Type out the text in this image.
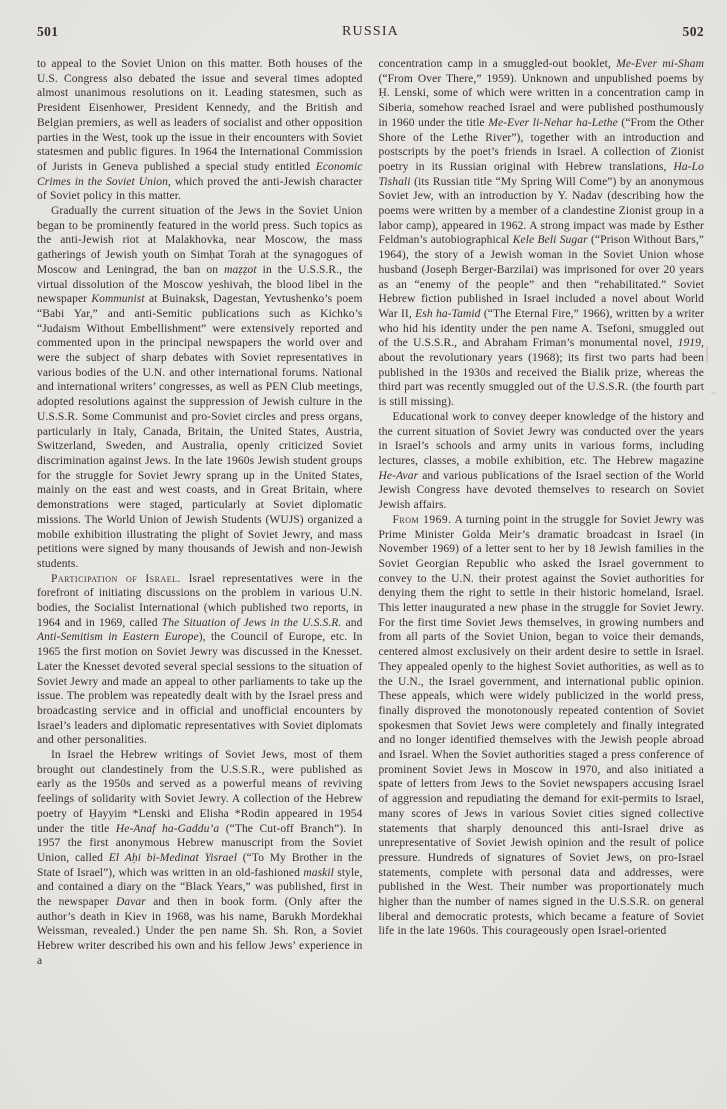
501	RUSSIA	502

to appeal to the Soviet Union on this matter. Both houses of the U.S. Congress also debated the issue and several times adopted almost unanimous resolutions on it. Leading statesmen, such as President Eisenhower, President Kennedy, and the British and Belgian premiers, as well as leaders of socialist and other opposition parties in the West, took up the issue in their encounters with Soviet statesmen and public figures. In 1964 the International Commission of Jurists in Geneva published a special study entitled Economic Crimes in the Soviet Union, which proved the anti-Jewish character of Soviet policy in this matter.

Gradually the current situation of the Jews in the Soviet Union began to be prominently featured in the world press. Such topics as the anti-Jewish riot at Malakhovka, near Moscow, the mass gatherings of Jewish youth on Simḥat Torah at the synagogues of Moscow and Leningrad, the ban on maẓẓot in the U.S.S.R., the virtual dissolution of the Moscow yeshivah, the blood libel in the newspaper Kommunist at Buinaksk, Dagestan, Yevtushenko’s poem “Babi Yar,” and anti-Semitic publications such as Kichko’s “Judaism Without Embellishment” were extensively reported and commented upon in the principal newspapers the world over and were the subject of sharp debates with Soviet representatives in various bodies of the U.N. and other international forums. National and international writers’ congresses, as well as PEN Club meetings, adopted resolutions against the suppression of Jewish culture in the U.S.S.R. Some Communist and pro-Soviet circles and press organs, particularly in Italy, Canada, Britain, the United States, Austria, Switzerland, Sweden, and Australia, openly criticized Soviet discrimination against Jews. In the late 1960s Jewish student groups for the struggle for Soviet Jewry sprang up in the United States, mainly on the east and west coasts, and in Great Britain, where demonstrations were staged, particularly at Soviet diplomatic missions. The World Union of Jewish Students (WUJS) organized a mobile exhibition illustrating the plight of Soviet Jewry, and mass petitions were signed by many thousands of Jewish and non-Jewish students.

Participation of Israel. Israel representatives were in the forefront of initiating discussions on the problem in various U.N. bodies, the Socialist International (which published two reports, in 1964 and in 1969, called The Situation of Jews in the U.S.S.R. and Anti-Semitism in Eastern Europe), the Council of Europe, etc. In 1965 the first motion on Soviet Jewry was discussed in the Knesset. Later the Knesset devoted several special sessions to the situation of Soviet Jewry and made an appeal to other parliaments to take up the issue. The problem was repeatedly dealt with by the Israel press and broadcasting service and in official and unofficial encounters by Israel’s leaders and diplomatic representatives with Soviet diplomats and other personalities.

In Israel the Hebrew writings of Soviet Jews, most of them brought out clandestinely from the U.S.S.R., were published as early as the 1950s and served as a powerful means of reviving feelings of solidarity with Soviet Jewry. A collection of the Hebrew poetry of Ḥayyim *Lenski and Elisha *Rodin appeared in 1954 under the title He-Anaf ha-Gaddu’a (“The Cut-off Branch”). In 1957 the first anonymous Hebrew manuscript from the Soviet Union, called El Aḥi bi-Medinat Yisrael (“To My Brother in the State of Israel”), which was written in an old-fashioned maskil style, and contained a diary on the “Black Years,” was published, first in the newspaper Davar and then in book form. (Only after the author’s death in Kiev in 1968, was his name, Barukh Mordekhai Weissman, revealed.) Under the pen name Sh. Sh. Ron, a Soviet Hebrew writer described his own and his fellow Jews’ experience in a

concentration camp in a smuggled-out booklet, Me-Ever mi-Sham (“From Over There,” 1959). Unknown and unpublished poems by Ḥ. Lenski, some of which were written in a concentration camp in Siberia, somehow reached Israel and were published posthumously in 1960 under the title Me-Ever li-Nehar ha-Lethe (“From the Other Shore of the Lethe River”), together with an introduction and postscripts by the poet’s friends in Israel. A collection of Zionist poetry in its Russian original with Hebrew translations, Ha-Lo Tishali (its Russian title “My Spring Will Come”) by an anonymous Soviet Jew, with an introduction by Y. Nadav (describing how the poems were written by a member of a clandestine Zionist group in a labor camp), appeared in 1962. A strong impact was made by Esther Feldman’s autobiographical Kele Beli Sugar (“Prison Without Bars,” 1964), the story of a Jewish woman in the Soviet Union whose husband (Joseph Berger-Barzilai) was imprisoned for over 20 years as an “enemy of the people” and then “rehabilitated.” Soviet Hebrew fiction published in Israel included a novel about World War II, Esh ha-Tamid (“The Eternal Fire,” 1966), written by a writer who hid his identity under the pen name A. Tsefoni, smuggled out of the U.S.S.R., and Abraham Friman’s monumental novel, 1919, about the revolutionary years (1968); its first two parts had been published in the 1930s and received the Bialik prize, whereas the third part was recently smuggled out of the U.S.S.R. (the fourth part is still missing).

Educational work to convey deeper knowledge of the history and the current situation of Soviet Jewry was conducted over the years in Israel’s schools and army units in various forms, including lectures, classes, a mobile exhibition, etc. The Hebrew magazine He-Avar and various publications of the Israel section of the World Jewish Congress have devoted themselves to research on Soviet Jewish affairs.

From 1969. A turning point in the struggle for Soviet Jewry was Prime Minister Golda Meir’s dramatic broadcast in Israel (in November 1969) of a letter sent to her by 18 Jewish families in the Soviet Georgian Republic who asked the Israel government to convey to the U.N. their protest against the Soviet authorities for denying them the right to settle in their historic homeland, Israel. This letter inaugurated a new phase in the struggle for Soviet Jewry. For the first time Soviet Jews themselves, in growing numbers and from all parts of the Soviet Union, began to voice their demands, centered almost exclusively on their ardent desire to settle in Israel. They appealed openly to the highest Soviet authorities, as well as to the U.N., the Israel government, and international public opinion. These appeals, which were widely publicized in the world press, finally disproved the monotonously repeated contention of Soviet spokesmen that Soviet Jews were completely and finally integrated and no longer identified themselves with the Jewish people abroad and Israel. When the Soviet authorities staged a press conference of prominent Soviet Jews in Moscow in 1970, and also initiated a spate of letters from Jews to the Soviet newspapers accusing Israel of aggression and repudiating the demand for exit-permits to Israel, many scores of Jews in various Soviet cities signed collective statements that sharply denounced this anti-Israel drive as unrepresentative of Soviet Jewish opinion and the result of police pressure. Hundreds of signatures of Soviet Jews, on pro-Israel statements, complete with personal data and addresses, were published in the West. Their number was proportionately much higher than the number of names signed in the U.S.S.R. on general liberal and democratic protests, which became a feature of Soviet life in the late 1960s. This courageously open Israel-oriented
